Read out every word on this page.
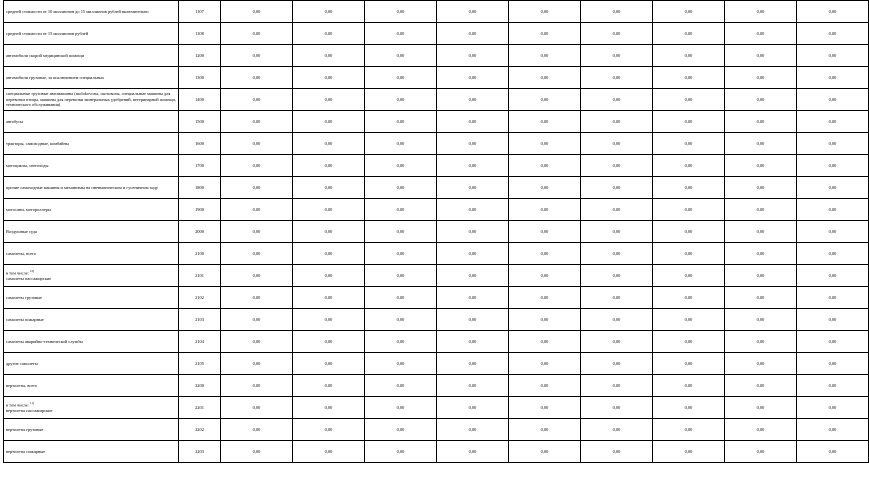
средней стоимости от 10 миллионов до 15 миллионов рублей включительно	1107	0,00	0,00	0,00	0,00	0,00	0,00	0,00	0,00	0,00
средней стоимости от 15 миллионов рублей	1108	0,00	0,00	0,00	0,00	0,00	0,00	0,00	0,00	0,00
автомобили скорой медицинской помощи	1200	0,00	0,00	0,00	0,00	0,00	0,00	0,00	0,00	0,00
автомобили грузовые, за исключением специальных	1300	0,00	0,00	0,00	0,00	0,00	0,00	0,00	0,00	0,00
специальные грузовые автомашины (molokovозы, скотовозы, специальные машины для перевозки птицы, машины для перевозки минеральных удобрений, ветеринарной помощи, технического обслуживания)	1400	0,00	0,00	0,00	0,00	0,00	0,00	0,00	0,00	0,00
автобусы	1500	0,00	0,00	0,00	0,00	0,00	0,00	0,00	0,00	0,00
тракторы, самоходные, комбайны	1600	0,00	0,00	0,00	0,00	0,00	0,00	0,00	0,00	0,00
мотоциклы, снегоходы	1700	0,00	0,00	0,00	0,00	0,00	0,00	0,00	0,00	0,00
прочие самоходные машины и механизмы на пневматическом и гусеничном ходу	1800	0,00	0,00	0,00	0,00	0,00	0,00	0,00	0,00	0,00
мотосани, мотороллеры	1900	0,00	0,00	0,00	0,00	0,00	0,00	0,00	0,00	0,00
Воздушные суда	2000	0,00	0,00	0,00	0,00	0,00	0,00	0,00	0,00	0,00
самолеты, всего	2100	0,00	0,00	0,00	0,00	0,00	0,00	0,00	0,00	0,00

в том числе: $^{10)}$
самолеты пассажирские	2101	0,00	0,00	0,00	0,00	0,00	0,00	0,00	0,00	0,00
самолеты грузовые	2102	0,00	0,00	0,00	0,00	0,00	0,00	0,00	0,00	0,00
самолеты пожарные	2103	0,00	0,00	0,00	0,00	0,00	0,00	0,00	0,00	0,00
самолеты аварийно-технической службы	2104	0,00	0,00	0,00	0,00	0,00	0,00	0,00	0,00	0,00
другие самолеты	2105	0,00	0,00	0,00	0,00	0,00	0,00	0,00	0,00	0,00
вертолеты, всего	2200	0,00	0,00	0,00	0,00	0,00	0,00	0,00	0,00	0,00

в том числе: $^{11)}$
вертолеты пассажирские	2201	0,00	0,00	0,00	0,00	0,00	0,00	0,00	0,00	0,00
вертолеты грузовые	2202	0,00	0,00	0,00	0,00	0,00	0,00	0,00	0,00	0,00
вертолеты пожарные	2203	0,00	0,00	0,00	0,00	0,00	0,00	0,00	0,00	0,00
